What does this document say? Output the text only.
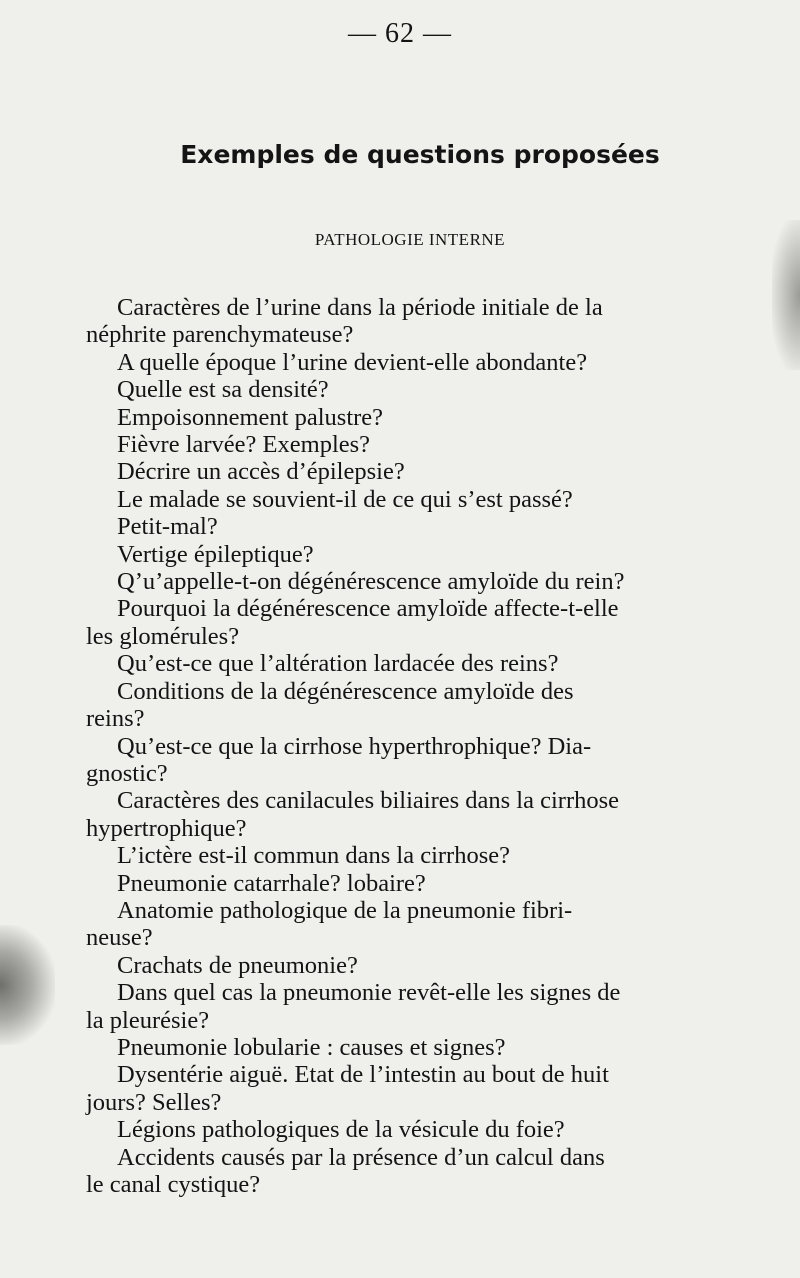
— 62 —
Exemples de questions proposées
PATHOLOGIE INTERNE
Caractères de l’urine dans la période initiale de la
néphrite parenchymateuse?
A quelle époque l’urine devient-elle abondante?
Quelle est sa densité?
Empoisonnement palustre?
Fièvre larvée? Exemples?
Décrire un accès d’épilepsie?
Le malade se souvient-il de ce qui s’est passé?
Petit-mal?
Vertige épileptique?
Q’u’appelle-t-on dégénérescence amyloïde du rein?
Pourquoi la dégénérescence amyloïde affecte-t-elle
les glomérules?
Qu’est-ce que l’altération lardacée des reins?
Conditions de la dégénérescence amyloïde des
reins?
Qu’est-ce que la cirrhose hyperthrophique? Dia-
gnostic?
Caractères des canilacules biliaires dans la cirrhose
hypertrophique?
L’ictère est-il commun dans la cirrhose?
Pneumonie catarrhale? lobaire?
Anatomie pathologique de la pneumonie fibri-
neuse?
Crachats de pneumonie?
Dans quel cas la pneumonie revêt-elle les signes de
la pleurésie?
Pneumonie lobularie : causes et signes?
Dysentérie aiguë. Etat de l’intestin au bout de huit
jours? Selles?
Légions pathologiques de la vésicule du foie?
Accidents causés par la présence d’un calcul dans
le canal cystique?
